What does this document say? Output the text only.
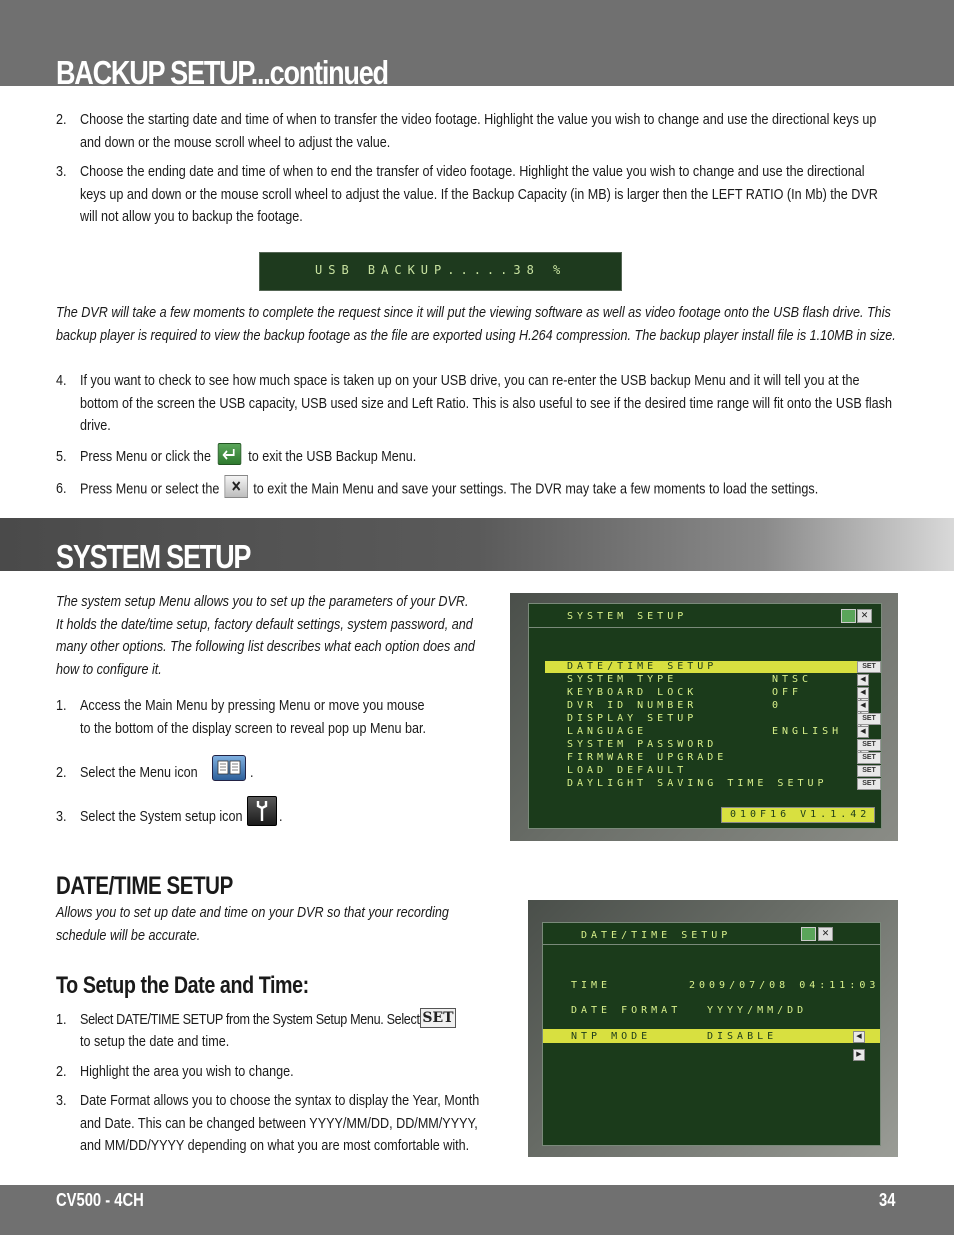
BACKUP SETUP...continued
2. Choose the starting date and time of when to transfer the video footage. Highlight the value you wish to change and use the directional keys up and down or the mouse scroll wheel to adjust the value.
3. Choose the ending date and time of when to end the transfer of video footage. Highlight the value you wish to change and use the directional keys up and down or the mouse scroll wheel to adjust the value. If the Backup Capacity (in MB) is larger then the LEFT RATIO (In Mb) the DVR will not allow you to backup the footage.
USB BACKUP.....38 %
The DVR will take a few moments to complete the request since it will put the viewing software as well as video footage onto the USB flash drive. This backup player is required to view the backup footage as the file are exported using H.264 compression. The backup player install file is 1.10MB in size.
4. If you want to check to see how much space is taken up on your USB drive, you can re-enter the USB backup Menu and it will tell you at the bottom of the screen the USB capacity, USB used size and Left Ratio. This is also useful to see if the desired time range will fit onto the USB flash drive.
5. Press Menu or click the to exit the USB Backup Menu.
6. Press Menu or select the to exit the Main Menu and save your settings. The DVR may take a few moments to load the settings.
SYSTEM SETUP
The system setup Menu allows you to set up the parameters of your DVR. It holds the date/time setup, factory default settings, system password, and many other options. The following list describes what each option does and how to configure it.
1. Access the Main Menu by pressing Menu or move you mouse
to the bottom of the display screen to reveal pop up Menu bar.
2. Select the Menu icon	.
3. Select the System setup icon .
SYSTEM SETUP	✕
DATE/TIME SETUP	SET
SYSTEM TYPE	NTSC	◀
KEYBOARD LOCK	OFF	◀
DVR ID NUMBER	0	◀
DISPLAY SETUP	SET
LANGUAGE	ENGLISH	◀
SYSTEM PASSWORD	SET
FIRMWARE UPGRADE	SET
LOAD DEFAULT	SET
DAYLIGHT SAVING TIME SETUP	SET
010F16 V1.1.42
DATE/TIME SETUP
Allows you to set up date and time on your DVR so that your recording schedule will be accurate.
To Setup the Date and Time:
1. Select DATE/TIME SETUP from the System Setup Menu. Select SET
to setup the date and time.
2. Highlight the area you wish to change.
3. Date Format allows you to choose the syntax to display the Year, Month and Date. This can be changed between YYYY/MM/DD, DD/MM/YYYY, and MM/DD/YYYY depending on what you are most comfortable with.
DATE/TIME SETUP	✕
TIME	2009/07/08 04:11:03
DATE FORMAT	YYYY/MM/DD
NTP MODE	DISABLE	◀▶
CV500 - 4CH	34
